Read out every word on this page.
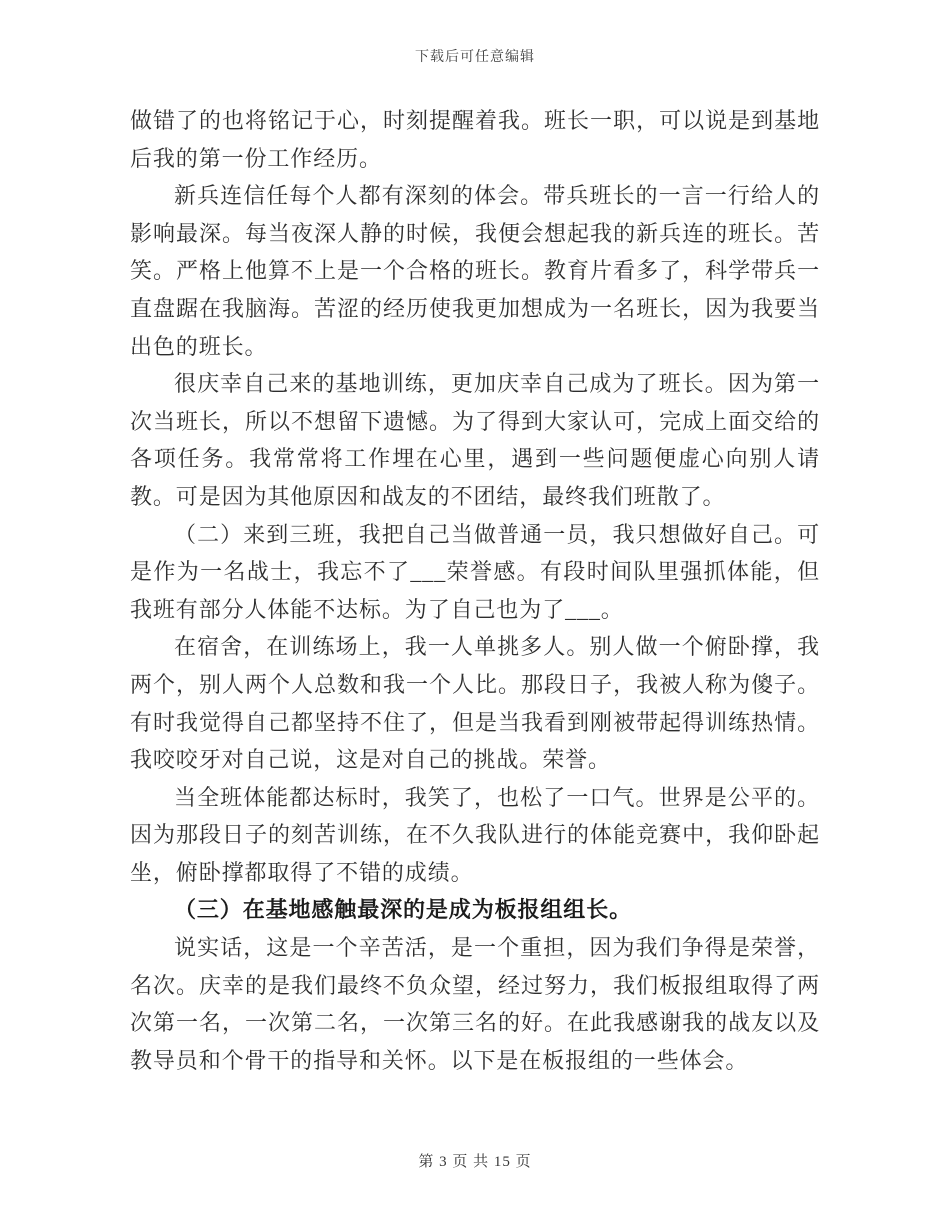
下载后可任意编辑

做错了的也将铭记于心，时刻提醒着我。班长一职，可以说是到基地后我的第一份工作经历。

新兵连信任每个人都有深刻的体会。带兵班长的一言一行给人的影响最深。每当夜深人静的时候，我便会想起我的新兵连的班长。苦笑。严格上他算不上是一个合格的班长。教育片看多了，科学带兵一直盘踞在我脑海。苦涩的经历使我更加想成为一名班长，因为我要当出色的班长。

很庆幸自己来的基地训练，更加庆幸自己成为了班长。因为第一次当班长，所以不想留下遗憾。为了得到大家认可，完成上面交给的各项任务。我常常将工作埋在心里，遇到一些问题便虚心向别人请教。可是因为其他原因和战友的不团结，最终我们班散了。

（二）来到三班，我把自己当做普通一员，我只想做好自己。可是作为一名战士，我忘不了___荣誉感。有段时间队里强抓体能，但我班有部分人体能不达标。为了自己也为了___。

在宿舍，在训练场上，我一人单挑多人。别人做一个俯卧撑，我两个，别人两个人总数和我一个人比。那段日子，我被人称为傻子。有时我觉得自己都坚持不住了，但是当我看到刚被带起得训练热情。我咬咬牙对自己说，这是对自己的挑战。荣誉。

当全班体能都达标时，我笑了，也松了一口气。世界是公平的。因为那段日子的刻苦训练，在不久我队进行的体能竞赛中，我仰卧起坐，俯卧撑都取得了不错的成绩。

（三）在基地感触最深的是成为板报组组长。

说实话，这是一个辛苦活，是一个重担，因为我们争得是荣誉，名次。庆幸的是我们最终不负众望，经过努力，我们板报组取得了两次第一名，一次第二名，一次第三名的好。在此我感谢我的战友以及教导员和个骨干的指导和关怀。以下是在板报组的一些体会。

第 3 页 共 15 页
